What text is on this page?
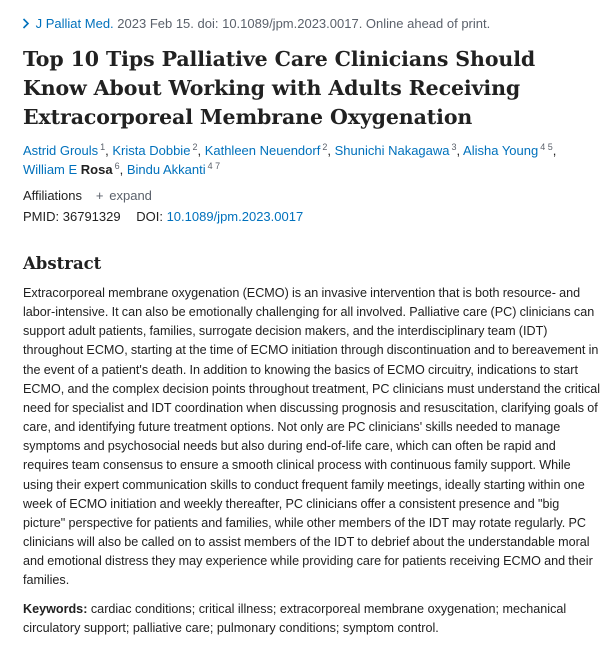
J Palliat Med. 2023 Feb 15. doi: 10.1089/jpm.2023.0017. Online ahead of print.
Top 10 Tips Palliative Care Clinicians Should Know About Working with Adults Receiving Extracorporeal Membrane Oxygenation
Astrid Grouls $^1$, Krista Dobbie $^2$, Kathleen Neuendorf $^2$, Shunichi Nakagawa $^3$, Alisha Young $^{4 5}$,
William E Rosa $^6$, Bindu Akkanti $^{4 7}$
Affiliations + expand
PMID: 36791329 DOI: 10.1089/jpm.2023.0017
Abstract
Extracorporeal membrane oxygenation (ECMO) is an invasive intervention that is both resource- and labor-intensive. It can also be emotionally challenging for all involved. Palliative care (PC) clinicians can support adult patients, families, surrogate decision makers, and the interdisciplinary team (IDT) throughout ECMO, starting at the time of ECMO initiation through discontinuation and to bereavement in the event of a patient's death. In addition to knowing the basics of ECMO circuitry, indications to start ECMO, and the complex decision points throughout treatment, PC clinicians must understand the critical need for specialist and IDT coordination when discussing prognosis and resuscitation, clarifying goals of care, and identifying future treatment options. Not only are PC clinicians' skills needed to manage symptoms and psychosocial needs but also during end-of-life care, which can often be rapid and requires team consensus to ensure a smooth clinical process with continuous family support. While using their expert communication skills to conduct frequent family meetings, ideally starting within one week of ECMO initiation and weekly thereafter, PC clinicians offer a consistent presence and "big picture" perspective for patients and families, while other members of the IDT may rotate regularly. PC clinicians will also be called on to assist members of the IDT to debrief about the understandable moral and emotional distress they may experience while providing care for patients receiving ECMO and their families.
Keywords: cardiac conditions; critical illness; extracorporeal membrane oxygenation; mechanical circulatory support; palliative care; pulmonary conditions; symptom control.
